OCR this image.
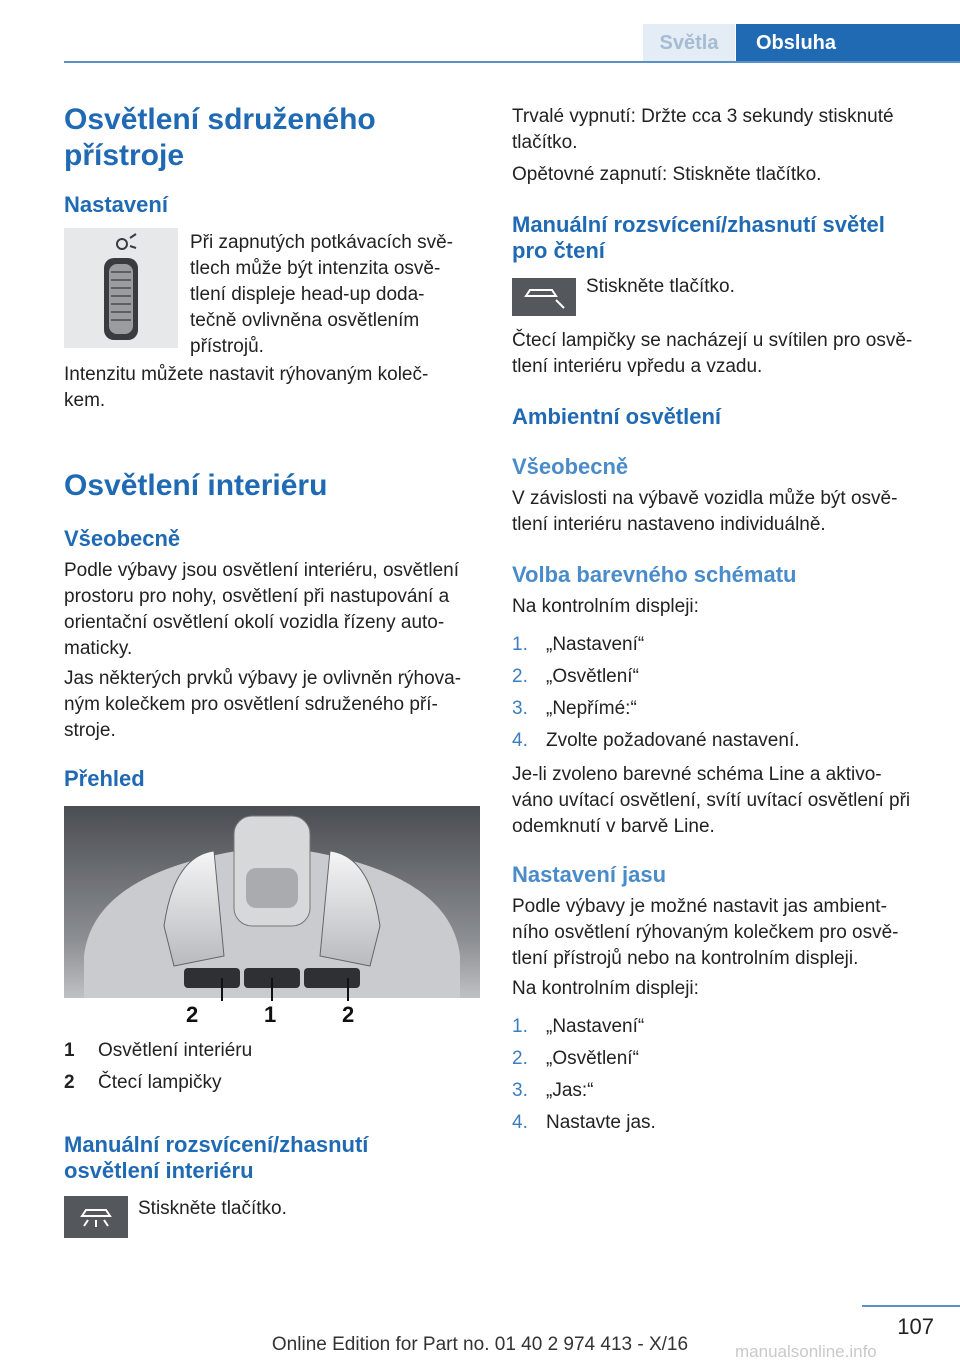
Světla	Obsluha
Osvětlení sdruženého přístroje
Nastavení
Při zapnutých potkávacích svě-
tlech může být intenzita osvě-
tlení displeje head-up doda-
tečně ovlivněna osvětlením
přístrojů.
Intenzitu můžete nastavit rýhovaným koleč-
kem.
Osvětlení interiéru
Všeobecně
Podle výbavy jsou osvětlení interiéru, osvětlení
prostoru pro nohy, osvětlení při nastupování a
orientační osvětlení okolí vozidla řízeny auto-
maticky.
Jas některých prvků výbavy je ovlivněn rýhova-
ným kolečkem pro osvětlení sdruženého pří-
stroje.
Přehled
2	1	2
1 Osvětlení interiéru
2 Čtecí lampičky
Manuální rozsvícení/zhasnutí
osvětlení interiéru
Stiskněte tlačítko.
Trvalé vypnutí: Držte cca 3 sekundy stisknuté
tlačítko.
Opětovné zapnutí: Stiskněte tlačítko.
Manuální rozsvícení/zhasnutí světel
pro čtení
Stiskněte tlačítko.
Čtecí lampičky se nacházejí u svítilen pro osvě-
tlení interiéru vpředu a vzadu.
Ambientní osvětlení
Všeobecně
V závislosti na výbavě vozidla může být osvě-
tlení interiéru nastaveno individuálně.
Volba barevného schématu
Na kontrolním displeji:
1. „Nastavení“
2. „Osvětlení“
3. „Nepřímé:“
4. Zvolte požadované nastavení.
Je-li zvoleno barevné schéma Line a aktivo-
váno uvítací osvětlení, svítí uvítací osvětlení při
odemknutí v barvě Line.
Nastavení jasu
Podle výbavy je možné nastavit jas ambient-
ního osvětlení rýhovaným kolečkem pro osvě-
tlení přístrojů nebo na kontrolním displeji.
Na kontrolním displeji:
1. „Nastavení“
2. „Osvětlení“
3. „Jas:“
4. Nastavte jas.
107
Online Edition for Part no. 01 40 2 974 413 - X/16	manualsonline.info
